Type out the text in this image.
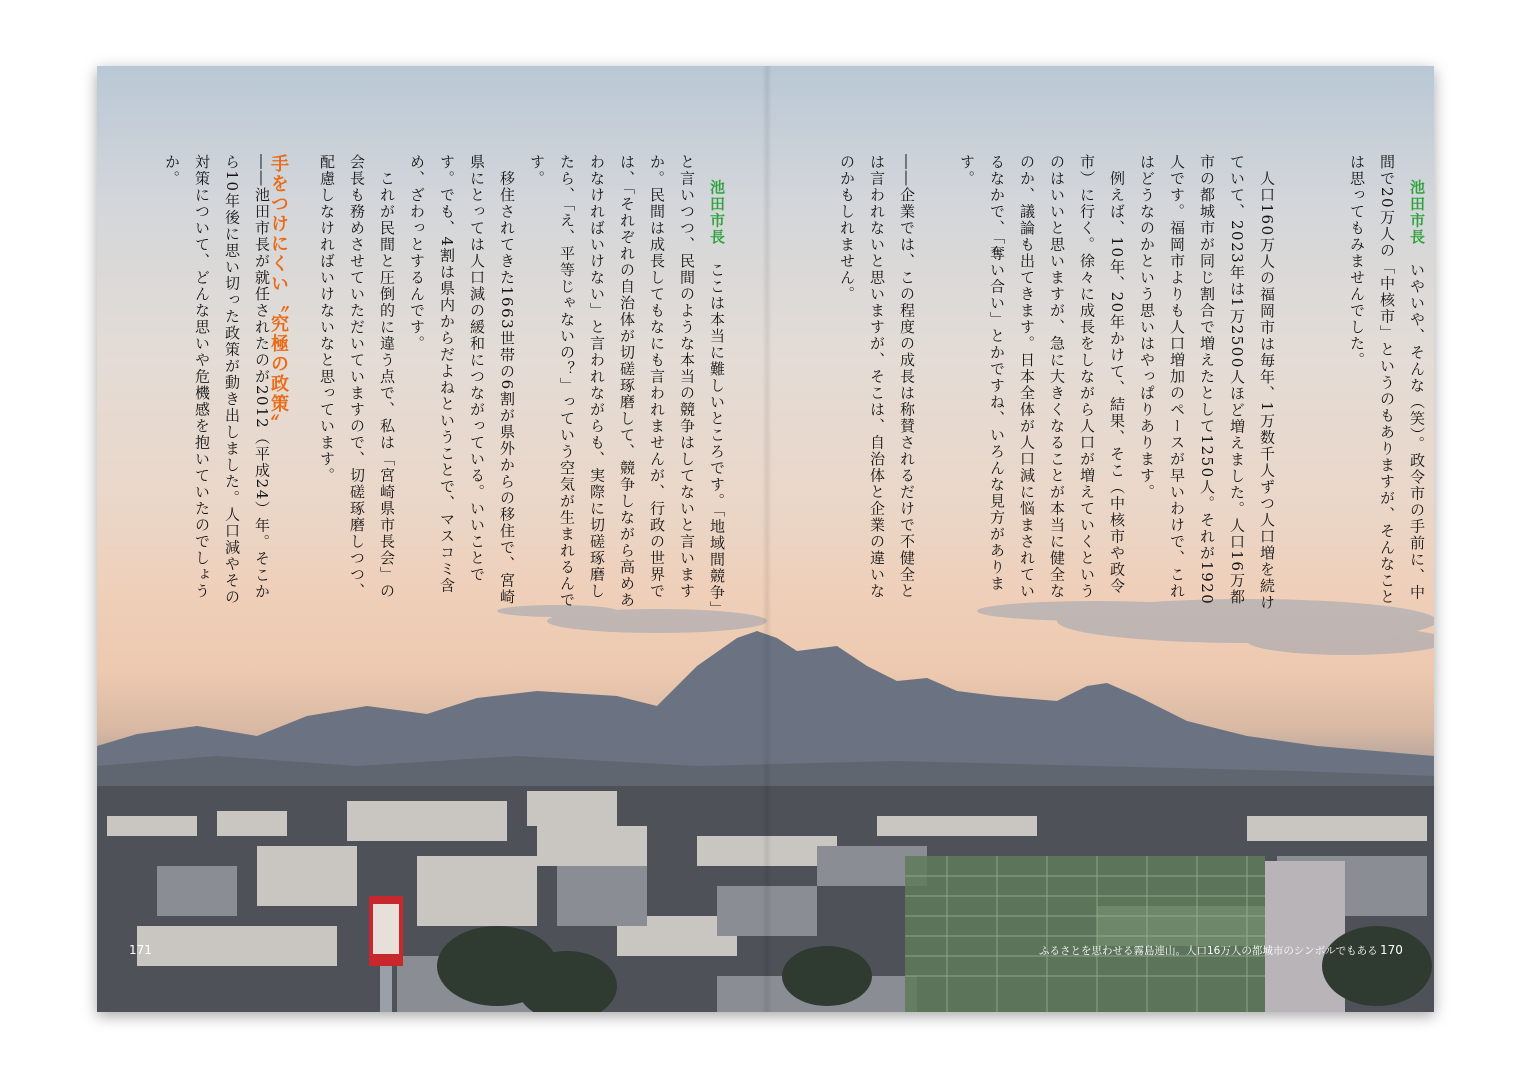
池田市長　いやいや、そんな（笑）。政令市の手前に、中間で20万人の「中核市」というのもありますが、そんなことは思ってもみませんでした。

　人口160万人の福岡市は毎年、1万数千人ずつ人口増を続けていて、2023年は1万2500人ほど増えました。人口16万都市の都城市が同じ割合で増えたとして1250人。それが1920人です。福岡市よりも人口増加のペースが早いわけで、これはどうなのかという思いはやっぱりあります。
　例えば、10年、20年かけて、結果、そこ（中核市や政令市）に行く。徐々に成長をしながら人口が増えていくというのはいいと思いますが、急に大きくなることが本当に健全なのか、議論も出てきます。日本全体が人口減に悩まされているなかで、「奪い合い」とかですね、いろんな見方があります。
――企業では、この程度の成長は称賛されるだけで不健全とは言われないと思いますが、そこは、自治体と企業の違いなのかもしれません。
ふるさとを思わせる霧島連山。人口16万人の都城市のシンボルでもある 170

池田市長　ここは本当に難しいところです。「地域間競争」と言いつつ、民間のような本当の競争はしてないと言いますか。民間は成長してもなにも言われませんが、行政の世界では、「それぞれの自治体が切磋琢磨して、競争しながら高めあわなければいけない」と言われながらも、実際に切磋琢磨したら、「え、平等じゃないの？」っていう空気が生まれるんです。

　移住されてきた1663世帯の6割が県外からの移住で、宮崎県にとっては人口減の緩和につながっている。いいことです。でも、4割は県内からだよねということで、マスコミ含め、ざわっとするんです。
　これが民間と圧倒的に違う点で、私は「宮崎県市長会」の会長も務めさせていただいていますので、切磋琢磨しつつ、配慮しなければいけないなと思っています。
手をつけにくい〝究極の政策〟
――池田市長が就任されたのが2012（平成24）年。そこから10年後に思い切った政策が動き出しました。人口減やその対策について、どんな思いや危機感を抱いていたのでしょうか。
171
